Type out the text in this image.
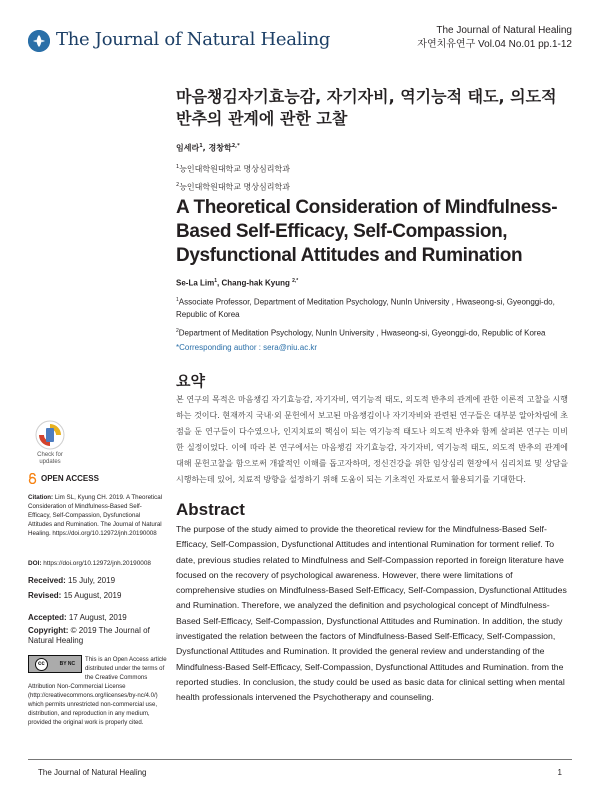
The Journal of Natural Healing	The Journal of Natural Healing
자연치유연구 Vol.04 No.01 pp.1-12
마음챙김자기효능감, 자기자비, 역기능적 태도, 의도적 반추의 관계에 관한 고찰
임세라$^1$, 경창학$^{2,*}$
$^1$능인대학원대학교 명상심리학과
$^2$능인대학원대학교 명상심리학과
A Theoretical Consideration of Mindfulness-Based Self-Efficacy, Self-Compassion, Dysfunctional Attitudes and Rumination
Se-La Lim$^1$, Chang-hak Kyung $^{2,*}$
$^1$Associate Professor, Department of Meditation Psychology, NunIn University , Hwaseong-si, Gyeonggi-do, Republic of Korea
$^2$Department of Meditation Psychology, NunIn University , Hwaseong-si, Gyeonggi-do, Republic of Korea
*Corresponding author : sera@niu.ac.kr
요약
본 연구의 목적은 마음챙김 자기효능감, 자기자비, 역기능적 태도, 의도적 반추의 관계에 관한 이론적 고찰을 시행하는 것이다. 현재까지 국내·외 문헌에서 보고된 마음챙김이나 자기자비와 관련된 연구들은 대부분 알아차림에 초점을 둔 연구들이 다수였으나, 인지치료의 핵심이 되는 역기능적 태도나 의도적 반추와 함께 살펴본 연구는 미비한 실정이었다. 이에 따라 본 연구에서는 마음챙김 자기효능감, 자기자비, 역기능적 태도, 의도적 반추의 관계에 대해 문헌고찰을 함으로써 개괄적인 이해를 돕고자하며, 정신건강을 위한 임상심리 현장에서 심리치료 및 상담을 시행하는데 있어, 치료적 방향을 설정하기 위해 도움이 되는 기초적인 자료로서 활용되기를 기대한다.
Abstract
The purpose of the study aimed to provide the theoretical review for the Mindfulness-Based Self-Efficacy, Self-Compassion, Dysfunctional Attitudes and intentional Rumination for torment relief. To date, previous studies related to Mindfulness and Self-Compassion reported in foreign literature have focused on the recovery of psychological awareness. However, there were limitations of comprehensive studies on Mindfulness-Based Self-Efficacy, Self-Compassion, Dysfunctional Attitudes and Rumination. Therefore, we analyzed the definition and psychological concept of Mindfulness-Based Self-Efficacy, Self-Compassion, Dysfunctional Attitudes and Rumination. In addition, the study investigated the relation between the factors of Mindfulness-Based Self-Efficacy, Self-Compassion, Dysfunctional Attitudes and Rumination. It provided the general review and understanding of the Mindfulness-Based Self-Efficacy, Self-Compassion, Dysfunctional Attitudes and Rumination. from the reported studies. In conclusion, the study could be used as basic data for clinical setting when mental health professionals intervened the Psychotherapy and counseling.
Check for updates
OPEN ACCESS
Citation: Lim SL, Kyung CH. 2019. A Theoretical Consideration of Mindfulness-Based Self-Efficacy, Self-Compassion, Dysfunctional Attitudes and Rumination. The Journal of Natural Healing. https://doi.org/10.12972/jnh.20190008
DOI: https://doi.org/10.12972/jnh.20190008
Received: 15 July, 2019
Revised: 15 August, 2019
Accepted: 17 August, 2019
Copyright: © 2019 The Journal of Natural Healing
cc	BY NC
This is an Open Access article distributed under the terms of the Creative Commons Attribution Non-Commercial License (http://creativecommons.org/licenses/by-nc/4.0/) which permits unrestricted non-commercial use, distribution, and reproduction in any medium, provided the original work is properly cited.
The Journal of Natural Healing	1
